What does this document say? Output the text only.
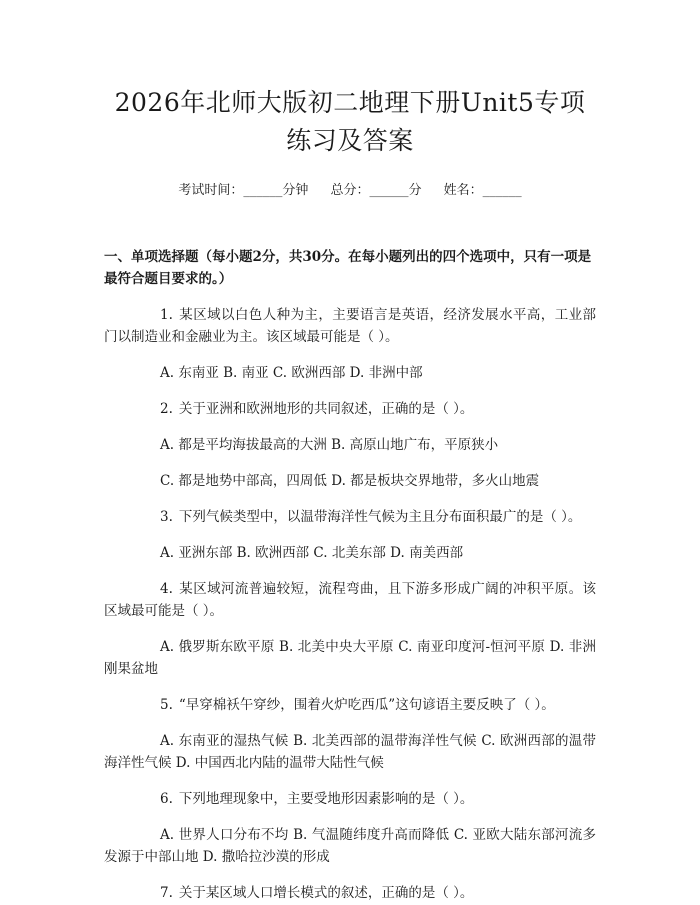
2026年北师大版初二地理下册Unit5专项练习及答案
考试时间：______分钟 总分：______分 姓名：______
一、单项选择题（每小题2分，共30分。在每小题列出的四个选项中，只有一项是最符合题目要求的。）

1. 某区域以白色人种为主，主要语言是英语，经济发展水平高，工业部门以制造业和金融业为主。该区域最可能是（ ）。

A. 东南亚 B. 南亚 C. 欧洲西部 D. 非洲中部

2. 关于亚洲和欧洲地形的共同叙述，正确的是（ ）。

A. 都是平均海拔最高的大洲 B. 高原山地广布，平原狭小

C. 都是地势中部高，四周低 D. 都是板块交界地带，多火山地震

3. 下列气候类型中，以温带海洋性气候为主且分布面积最广的是（ ）。

A. 亚洲东部 B. 欧洲西部 C. 北美东部 D. 南美西部

4. 某区域河流普遍较短，流程弯曲，且下游多形成广阔的冲积平原。该区域最可能是（ ）。

A. 俄罗斯东欧平原 B. 北美中央大平原 C. 南亚印度河-恒河平原 D. 非洲刚果盆地

5. “早穿棉袄午穿纱，围着火炉吃西瓜”这句谚语主要反映了（ ）。

A. 东南亚的湿热气候 B. 北美西部的温带海洋性气候 C. 欧洲西部的温带海洋性气候 D. 中国西北内陆的温带大陆性气候

6. 下列地理现象中，主要受地形因素影响的是（ ）。

A. 世界人口分布不均 B. 气温随纬度升高而降低 C. 亚欧大陆东部河流多发源于中部山地 D. 撒哈拉沙漠的形成

7. 关于某区域人口增长模式的叙述，正确的是（ ）。
